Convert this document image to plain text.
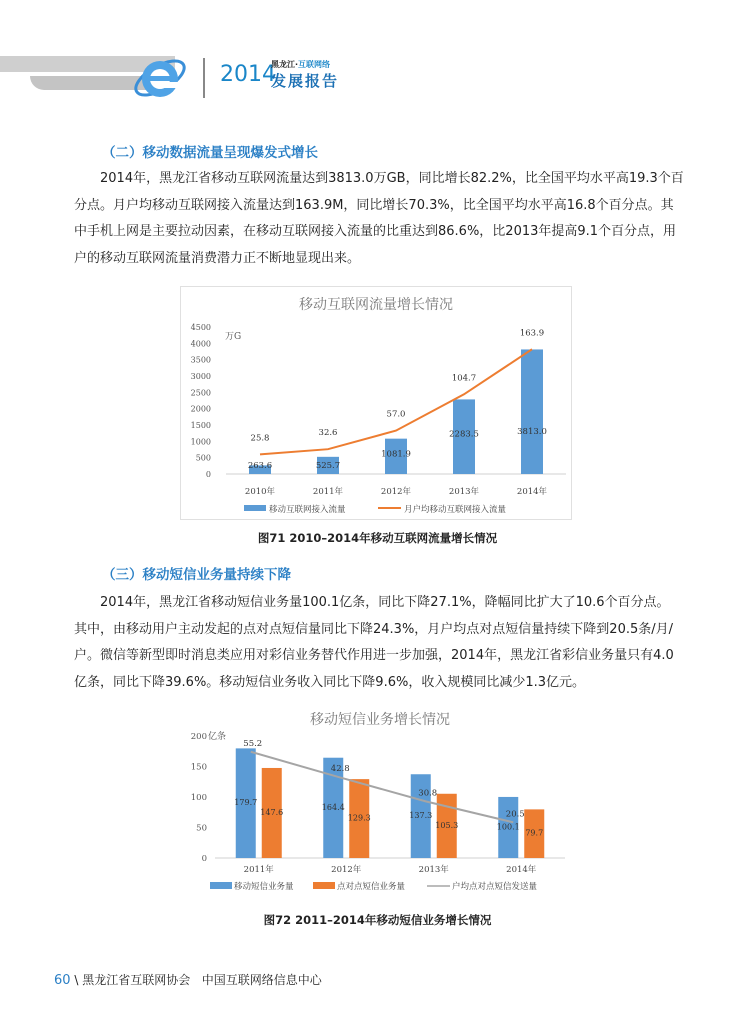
2014
黑龙江·互联网络
发展报告
（二）移动数据流量呈现爆发式增长
2014年，黑龙江省移动互联网流量达到3813.0万GB，同比增长82.2%，比全国平均水平高19.3个百
分点。月户均移动互联网接入流量达到163.9M，同比增长70.3%，比全国平均水平高16.8个百分点。其
中手机上网是主要拉动因素，在移动互联网接入流量的比重达到86.6%，比2013年提高9.1个百分点，用
户的移动互联网流量消费潜力正不断地显现出来。
移动互联网流量增长情况
0
500
1000
1500
2000
2500
3000
3500
4000
4500
万G
263.6
2010年
25.8
525.7
2011年
32.6
1081.9
2012年
57.0
2283.5
2013年
104.7
3813.0
2014年
163.9
移动互联网接入流量	月户均移动互联网接入流量
图71 2010–2014年移动互联网流量增长情况
（三）移动短信业务量持续下降
2014年，黑龙江省移动短信业务量100.1亿条，同比下降27.1%，降幅同比扩大了10.6个百分点。
其中，由移动用户主动发起的点对点短信量同比下降24.3%，月户均点对点短信量持续下降到20.5条/月/
户。微信等新型即时消息类应用对彩信业务替代作用进一步加强，2014年，黑龙江省彩信业务量只有4.0
亿条，同比下降39.6%。移动短信业务收入同比下降9.6%，收入规模同比减少1.3亿元。
移动短信业务增长情况
0
50
100
150
200 亿条
179.7
147.6
2011年
55.2
164.4
129.3
2012年
42.8
137.3
105.3
2013年
30.8
100.1
79.7
2014年
20.5
移动短信业务量	点对点短信业务量	户均点对点短信发送量
图72 2011–2014年移动短信业务增长情况
60 \ 黑龙江省互联网协会 中国互联网络信息中心
